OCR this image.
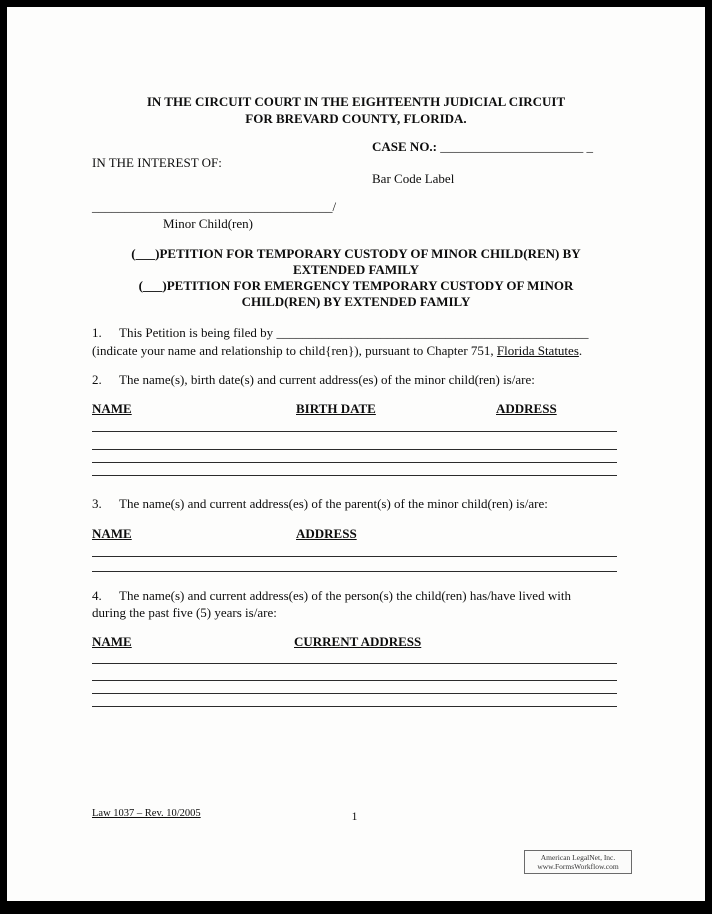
IN THE CIRCUIT COURT IN THE EIGHTEENTH JUDICIAL CIRCUIT
FOR BREVARD COUNTY, FLORIDA.
CASE NO.: ______________________ _
IN THE INTEREST OF:
Bar Code Label
_____________________________________/
Minor Child(ren)
(___)PETITION FOR TEMPORARY CUSTODY OF MINOR CHILD(REN) BY
EXTENDED FAMILY
(___)PETITION FOR EMERGENCY TEMPORARY CUSTODY OF MINOR
CHILD(REN) BY EXTENDED FAMILY
1. This Petition is being filed by ________________________________________________
(indicate your name and relationship to child{ren}), pursuant to Chapter 751, Florida Statutes.
2. The name(s), birth date(s) and current address(es) of the minor child(ren) is/are:
NAME	BIRTH DATE	ADDRESS
3. The name(s) and current address(es) of the parent(s) of the minor child(ren) is/are:
NAME	ADDRESS
4. The name(s) and current address(es) of the person(s) the child(ren) has/have lived with
during the past five (5) years is/are:
NAME	CURRENT ADDRESS
Law 1037 – Rev. 10/2005	1
American LegalNet, Inc.
www.FormsWorkflow.com
